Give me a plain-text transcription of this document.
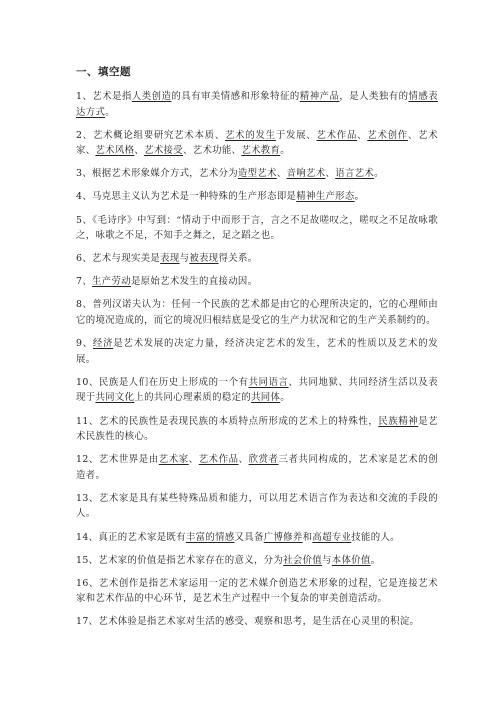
一、填空题
1、艺术是指人类创造的具有审美情感和形象特征的精神产品，是人类独有的情感表达方式。
2、艺术概论组要研究艺术本质、艺术的发生于发展、艺术作品、艺术创作、艺术家、艺术风格、艺术接受、艺术功能、艺术教育。
3、根据艺术形象媒介方式，艺术分为造型艺术、音响艺术、语言艺术。
4、马克思主义认为艺术是一种特殊的生产形态即是精神生产形态。
5、《毛诗序》中写到：“情动于中而形于言，言之不足故嗟叹之，嗟叹之不足故咏歌之，咏歌之不足，不知手之舞之，足之蹈之也。
6、艺术与现实美是表现与被表现得关系。
7、生产劳动是原始艺术发生的直接动因。
8、普列汉诺夫认为：任何一个民族的艺术都是由它的心理所决定的，它的心理师由它的境况造成的，而它的境况归根结底是受它的生产力状况和它的生产关系制约的。
9、经济是艺术发展的决定力量，经济决定艺术的发生，艺术的性质以及艺术的发展。
10、民族是人们在历史上形成的一个有共同语言、共同地狱、共同经济生活以及表现于共同文化上的共同心理素质的稳定的共同体。
11、艺术的民族性是表现民族的本质特点所形成的艺术上的特殊性，民族精神是艺术民族性的核心。
12、艺术世界是由艺术家、艺术作品、欣赏者三者共同构成的，艺术家是艺术的创造者。
13、艺术家是具有某些特殊品质和能力，可以用艺术语言作为表达和交流的手段的人。
14、真正的艺术家是既有丰富的情感又具备广博修养和高超专业技能的人。
15、艺术家的价值是指艺术家存在的意义，分为社会价值与本体价值。
16、艺术创作是指艺术家运用一定的艺术媒介创造艺术形象的过程，它是连接艺术家和艺术作品的中心环节，是艺术生产过程中一个复杂的审美创造活动。
17、艺术体验是指艺术家对生活的感受、观察和思考，是生活在心灵里的积淀。
